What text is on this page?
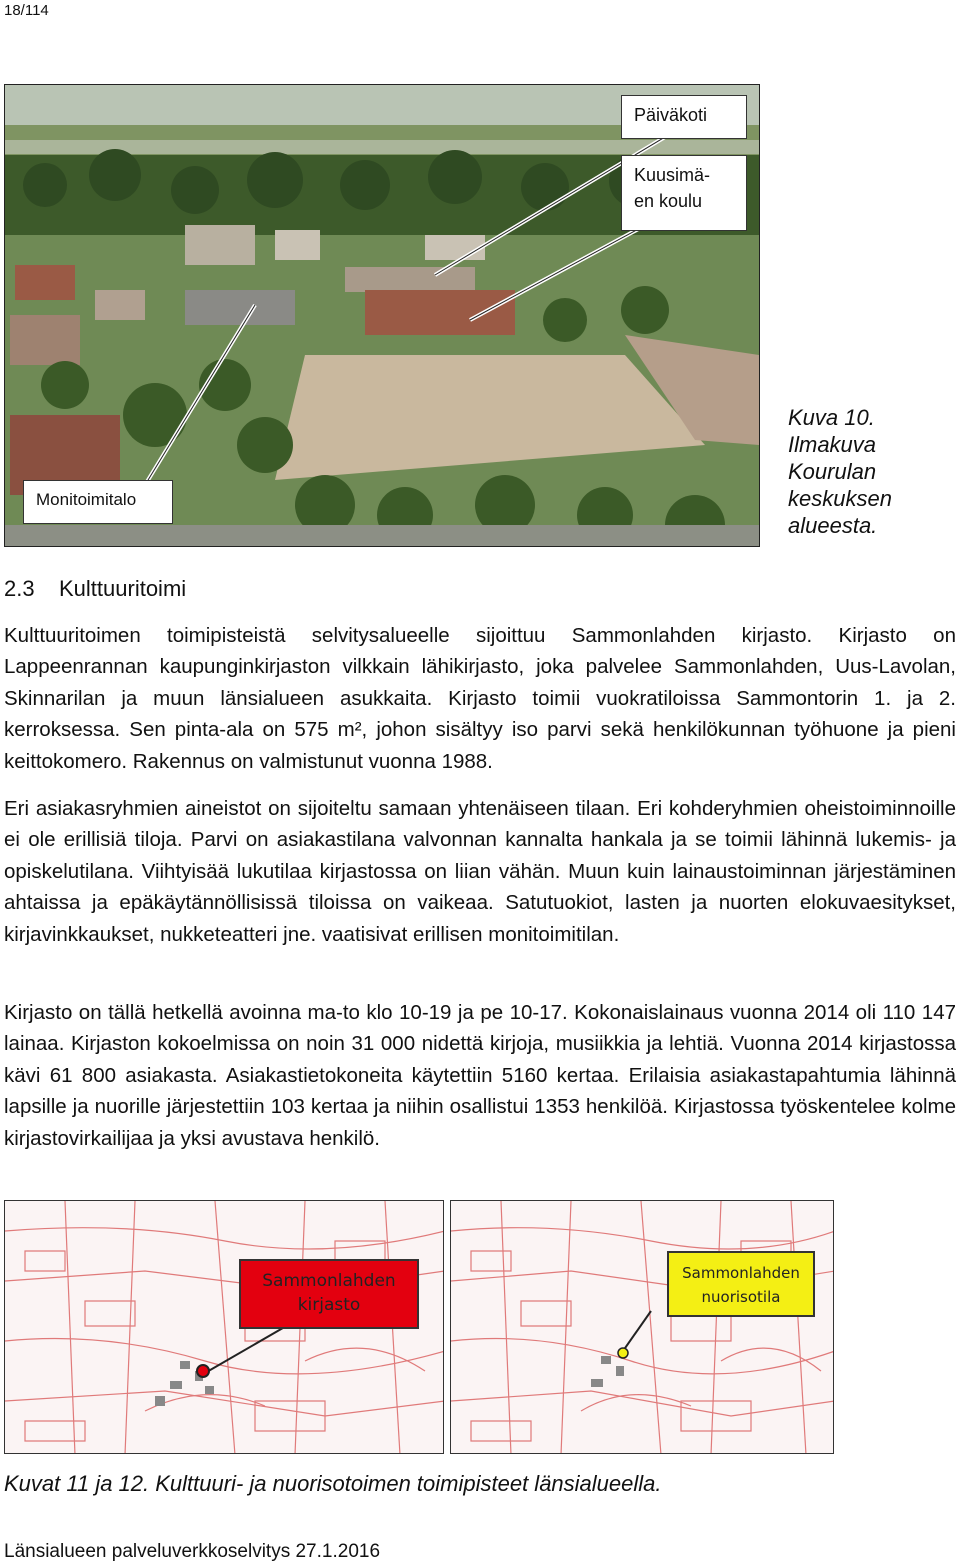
18/114
Päiväkoti
Kuusimä-
en koulu
Monitoimitalo
Kuva 10. Ilmakuva Kourulan keskuksen alueesta.
2.3 Kulttuuritoimi

Kulttuuritoimen toimipisteistä selvitysalueelle sijoittuu Sammonlahden kirjasto. Kirjasto on Lappeenrannan kaupunginkirjaston vilkkain lähikirjasto, joka palvelee Sammonlahden, Uus-Lavolan, Skinnarilan ja muun länsialueen asukkaita. Kirjasto toimii vuokratiloissa Sammontorin 1. ja 2. kerroksessa. Sen pinta-ala on 575 m², johon sisältyy iso parvi sekä henkilökunnan työhuone ja pieni keittokomero. Rakennus on valmistunut vuonna 1988.

Eri asiakasryhmien aineistot on sijoiteltu samaan yhtenäiseen tilaan. Eri kohderyhmien oheistoiminnoille ei ole erillisiä tiloja. Parvi on asiakastilana valvonnan kannalta hankala ja se toimii lähinnä lukemis- ja opiskelutilana. Viihtyisää lukutilaa kirjastossa on liian vähän. Muun kuin lainaustoiminnan järjestäminen ahtaissa ja epäkäytännöllisissä tiloissa on vaikeaa. Satutuokiot, lasten ja nuorten elokuvaesitykset, kirjavinkkaukset, nukketeatteri jne. vaatisivat erillisen monitoimitilan.

Kirjasto on tällä hetkellä avoinna ma-to klo 10-19 ja pe 10-17. Kokonaislainaus vuonna 2014 oli 110 147 lainaa. Kirjaston kokoelmissa on noin 31 000 nidettä kirjoja, musiikkia ja lehtiä. Vuonna 2014 kirjastossa kävi 61 800 asiakasta. Asiakastietokoneita käytettiin 5160 kertaa. Erilaisia asiakastapahtumia lähinnä lapsille ja nuorille järjestettiin 103 kertaa ja niihin osallistui 1353 henkilöä. Kirjastossa työskentelee kolme kirjastovirkailijaa ja yksi avustava henkilö.

Sammonlahden
kirjasto
Sammonlahden
nuorisotila
Kuvat 11 ja 12. Kulttuuri- ja nuorisotoimen toimipisteet länsialueella.
Länsialueen palveluverkkoselvitys 27.1.2016
